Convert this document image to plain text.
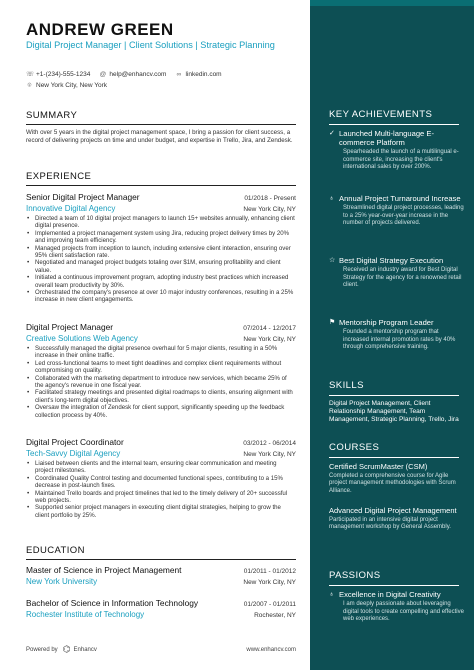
ANDREW GREEN
Digital Project Manager | Client Solutions | Strategic Planning
☏ +1-(234)-555-1234 @ help@enhancv.com ∞ linkedin.com
⌾ New York City, New York
SUMMARY
With over 5 years in the digital project management space, I bring a passion for client success, a record of delivering projects on time and under budget, and expertise in Trello, Jira, and Zendesk.
EXPERIENCE
Senior Digital Project Manager	01/2018 - Present
Innovative Digital Agency	New York City, NY
• Directed a team of 10 digital project managers to launch 15+ websites annually, enhancing client digital presence.
• Implemented a project management system using Jira, reducing project delivery times by 20% and improving team efficiency.
• Managed projects from inception to launch, including extensive client interaction, ensuring over 95% client satisfaction rate.
• Negotiated and managed project budgets totaling over $1M, ensuring profitability and client value.
• Initiated a continuous improvement program, adopting industry best practices which increased overall team productivity by 30%.
• Orchestrated the company's presence at over 10 major industry conferences, resulting in a 25% increase in new client engagements.
Digital Project Manager	07/2014 - 12/2017
Creative Solutions Web Agency	New York City, NY
• Successfully managed the digital presence overhaul for 5 major clients, resulting in a 50% increase in their online traffic.
• Led cross-functional teams to meet tight deadlines and complex client requirements without compromising on quality.
• Collaborated with the marketing department to introduce new services, which became 25% of the agency's revenue in one fiscal year.
• Facilitated strategy meetings and presented digital roadmaps to clients, ensuring alignment with client's long-term digital objectives.
• Oversaw the integration of Zendesk for client support, significantly speeding up the feedback collection process by 40%.
Digital Project Coordinator	03/2012 - 06/2014
Tech-Savvy Digital Agency	New York City, NY
• Liaised between clients and the internal team, ensuring clear communication and meeting project milestones.
• Coordinated Quality Control testing and documented functional specs, contributing to a 15% decrease in post-launch fixes.
• Maintained Trello boards and project timelines that led to the timely delivery of 20+ successful web projects.
• Supported senior project managers in executing client digital strategies, helping to grow the client portfolio by 25%.
EDUCATION
Master of Science in Project Management	01/2011 - 01/2012
New York University	New York City, NY
Bachelor of Science in Information Technology	01/2007 - 01/2011
Rochester Institute of Technology	Rochester, NY
Powered by ⌬ Enhancv	www.enhancv.com
KEY ACHIEVEMENTS
✓ Launched Multi-language E-commerce Platform
Spearheaded the launch of a multilingual e-commerce site, increasing the client's international sales by over 200%.
♁ Annual Project Turnaround Increase
Streamlined digital project processes, leading to a 25% year-over-year increase in the number of projects delivered.
☆ Best Digital Strategy Execution
Received an industry award for Best Digital Strategy for the agency for a renowned retail client.
⚑ Mentorship Program Leader
Founded a mentorship program that increased internal promotion rates by 40% through comprehensive training.
SKILLS
Digital Project Management, Client Relationship Management, Team Management, Strategic Planning, Trello, Jira
COURSES
Certified ScrumMaster (CSM)
Completed a comprehensive course for Agile project management methodologies with Scrum Alliance.
Advanced Digital Project Management
Participated in an intensive digital project management workshop by General Assembly.
PASSIONS
♁ Excellence in Digital Creativity
I am deeply passionate about leveraging digital tools to create compelling and effective web experiences.
